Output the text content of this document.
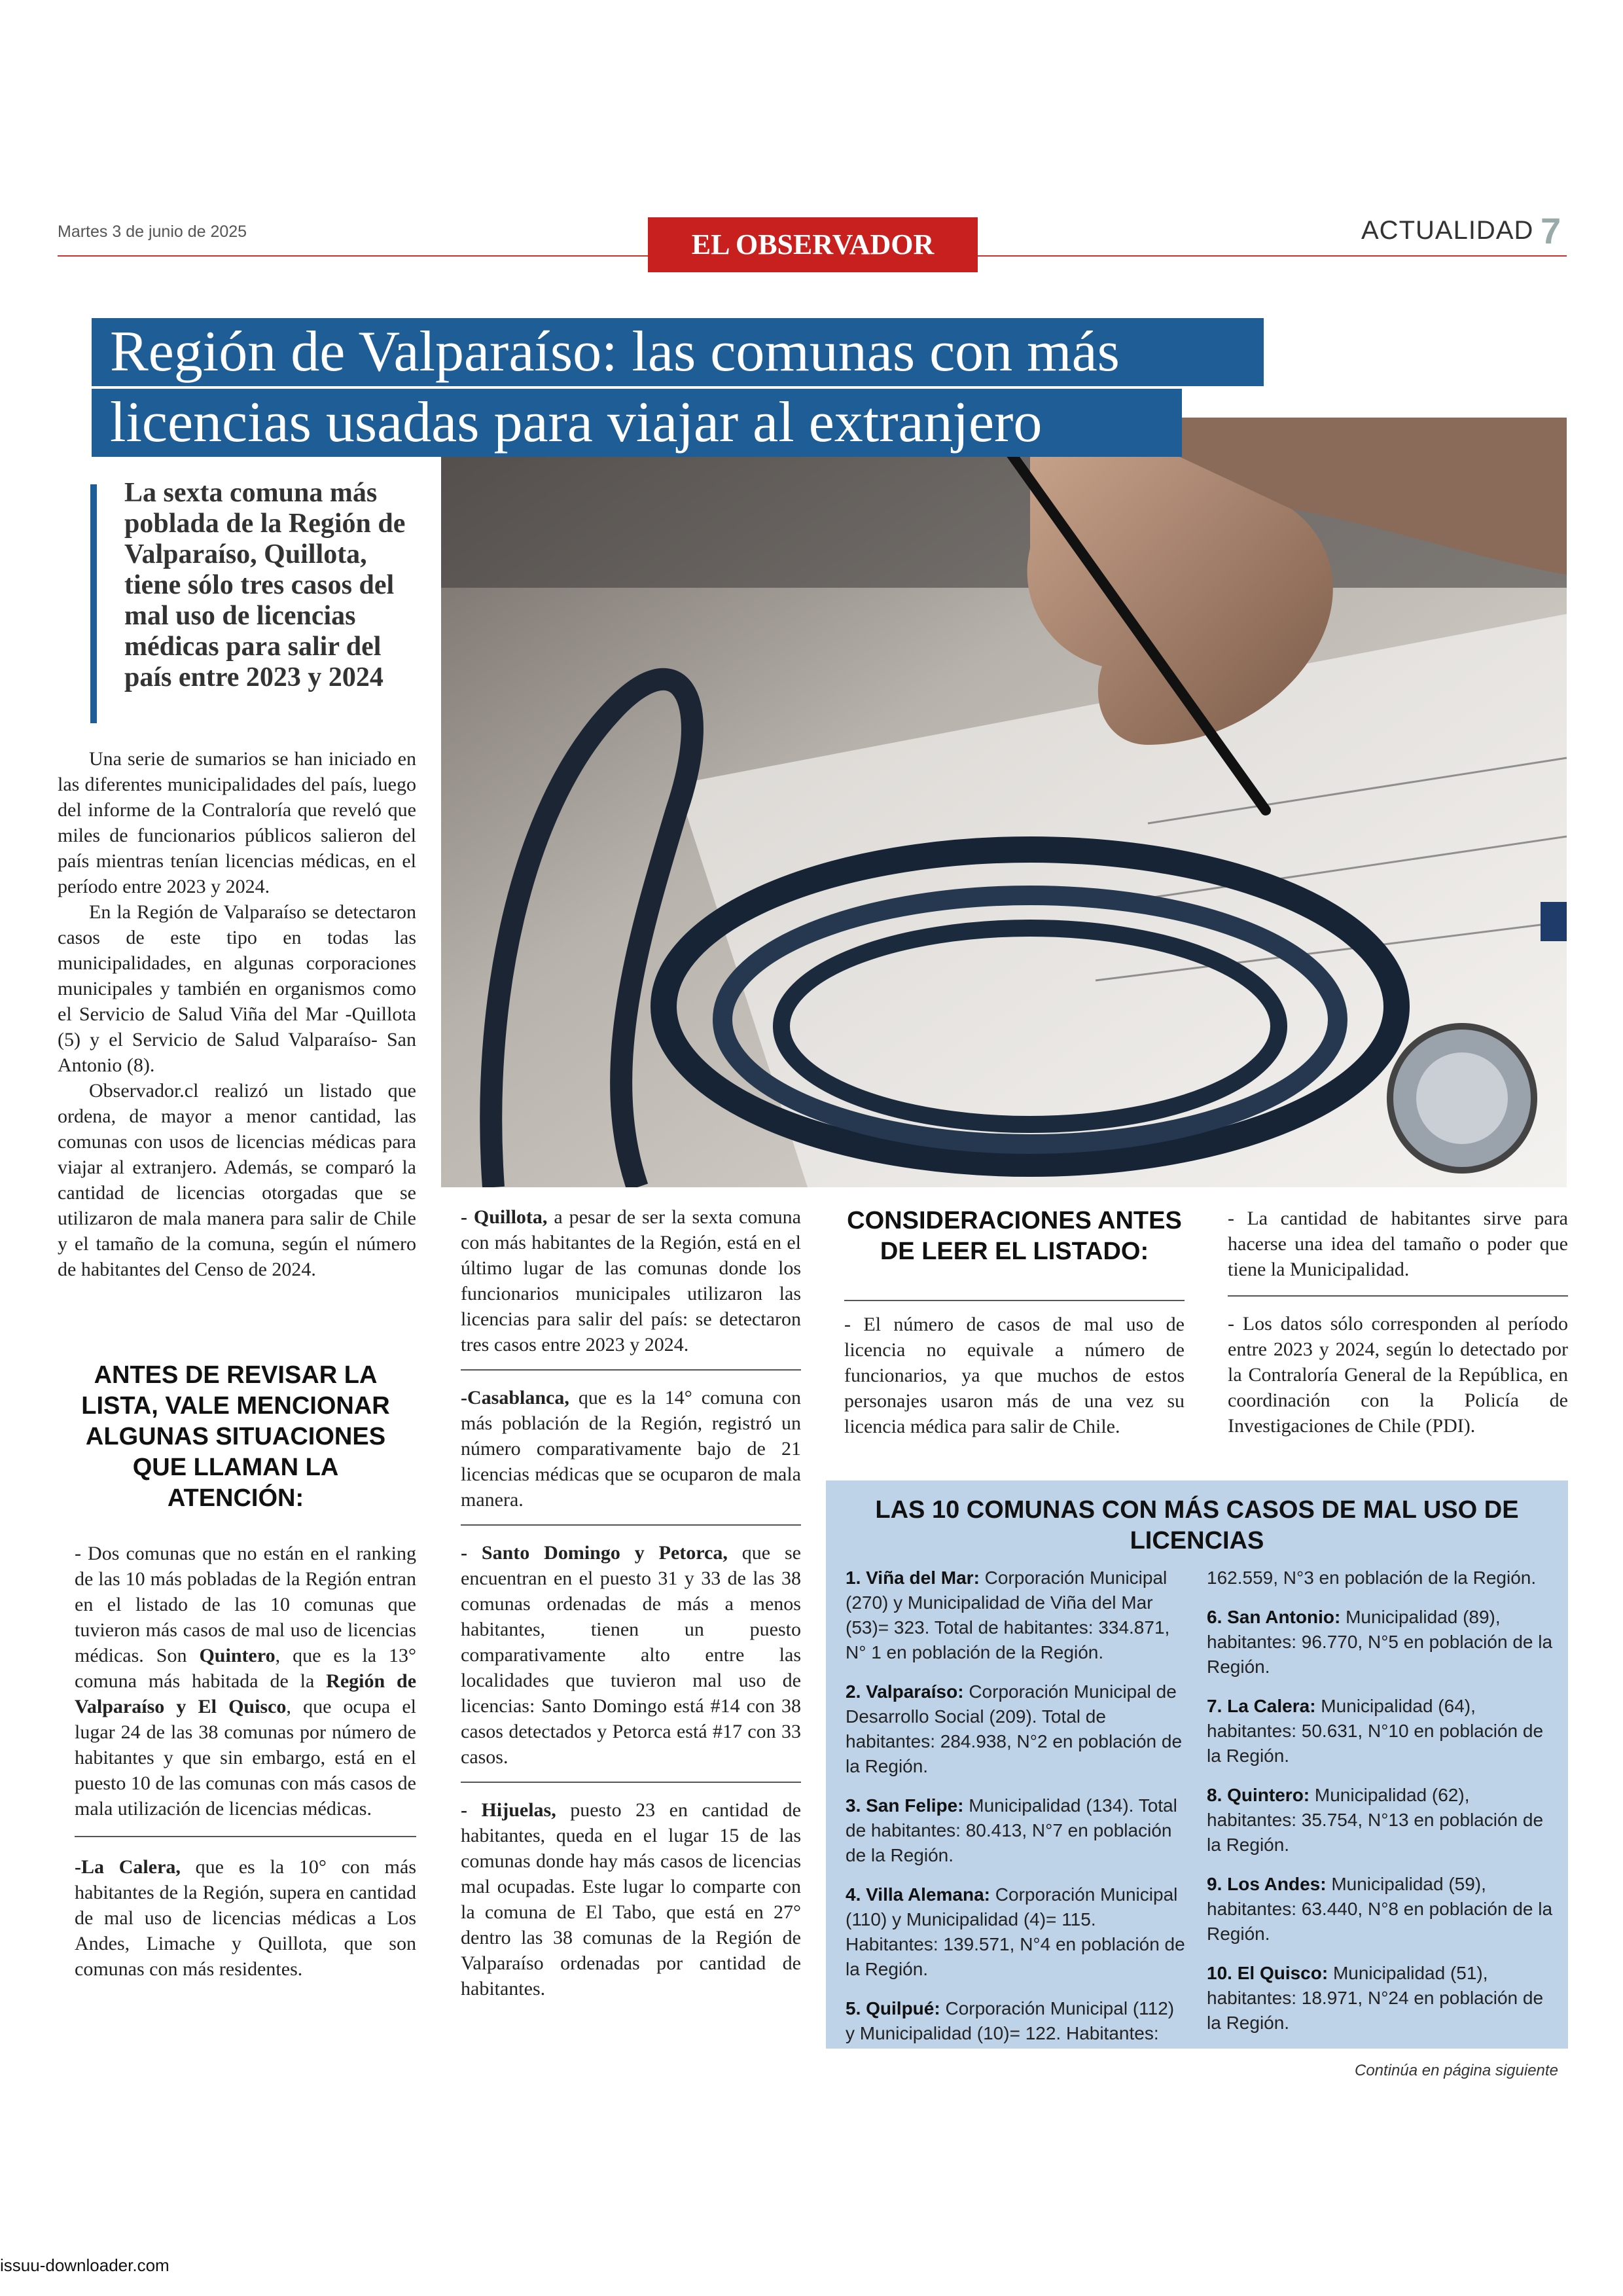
Martes 3 de junio de 2025	EL OBSERVADOR	ACTUALIDAD 7
Región de Valparaíso: las comunas con más
licencias usadas para viajar al extranjero
La sexta comuna más poblada de la Región de Valparaíso, Quillota, tiene sólo tres casos del mal uso de licencias médicas para salir del país entre 2023 y 2024

Una serie de sumarios se han iniciado en las diferentes municipalidades del país, luego del informe de la Contraloría que reveló que miles de funcionarios públicos salieron del país mientras tenían licencias médicas, en el período entre 2023 y 2024.

En la Región de Valparaíso se detectaron casos de este tipo en todas las municipalidades, en algunas corporaciones municipales y también en organismos como el Servicio de Salud Viña del Mar -Quillota (5) y el Servicio de Salud Valparaíso- San Antonio (8).

Observador.cl realizó un listado que ordena, de mayor a menor cantidad, las comunas con usos de licencias médicas para viajar al extranjero. Además, se comparó la cantidad de licencias otorgadas que se utilizaron de mala manera para salir de Chile y el tamaño de la comuna, según el número de habitantes del Censo de 2024.

ANTES DE REVISAR LA LISTA, VALE MENCIONAR ALGUNAS SITUACIONES QUE LLAMAN LA ATENCIÓN:

- Dos comunas que no están en el ranking de las 10 más pobladas de la Región entran en el listado de las 10 comunas que tuvieron más casos de mal uso de licencias médicas. Son Quintero, que es la 13° comuna más habitada de la Región de Valparaíso y El Quisco, que ocupa el lugar 24 de las 38 comunas por número de habitantes y que sin embargo, está en el puesto 10 de las comunas con más casos de mala utilización de licencias médicas.

-La Calera, que es la 10° con más habitantes de la Región, supera en cantidad de mal uso de licencias médicas a Los Andes, Limache y Quillota, que son comunas con más residentes.

- Quillota, a pesar de ser la sexta comuna con más habitantes de la Región, está en el último lugar de las comunas donde los funcionarios municipales utilizaron las licencias para salir del país: se detectaron tres casos entre 2023 y 2024.

-Casablanca, que es la 14° comuna con más población de la Región, registró un número comparativamente bajo de 21 licencias médicas que se ocuparon de mala manera.

- Santo Domingo y Petorca, que se encuentran en el puesto 31 y 33 de las 38 comunas ordenadas de más a menos habitantes, tienen un puesto comparativamente alto entre las localidades que tuvieron mal uso de licencias: Santo Domingo está #14 con 38 casos detectados y Petorca está #17 con 33 casos.

- Hijuelas, puesto 23 en cantidad de habitantes, queda en el lugar 15 de las comunas donde hay más casos de licencias mal ocupadas. Este lugar lo comparte con la comuna de El Tabo, que está en 27° dentro las 38 comunas de la Región de Valparaíso ordenadas por cantidad de habitantes.

CONSIDERACIONES ANTES DE LEER EL LISTADO:

- El número de casos de mal uso de licencia no equivale a número de funcionarios, ya que muchos de estos personajes usaron más de una vez su licencia médica para salir de Chile.

- La cantidad de habitantes sirve para hacerse una idea del tamaño o poder que tiene la Municipalidad.

- Los datos sólo corresponden al período entre 2023 y 2024, según lo detectado por la Contraloría General de la República, en coordinación con la Policía de Investigaciones de Chile (PDI).

LAS 10 COMUNAS CON MÁS CASOS DE MAL USO DE LICENCIAS

1. Viña del Mar: Corporación Municipal (270) y Municipalidad de Viña del Mar (53)= 323. Total de habitantes: 334.871, N° 1 en población de la Región.

2. Valparaíso: Corporación Municipal de Desarrollo Social (209). Total de habitantes: 284.938, N°2 en población de la Región.

3. San Felipe: Municipalidad (134). Total de habitantes: 80.413, N°7 en población de la Región.

4. Villa Alemana: Corporación Municipal (110) y Municipalidad (4)= 115. Habitantes: 139.571, N°4 en población de la Región.

5. Quilpué: Corporación Municipal (112) y Municipalidad (10)= 122. Habitantes:

162.559, N°3 en población de la Región.

6. San Antonio: Municipalidad (89), habitantes: 96.770, N°5 en población de la Región.

7. La Calera: Municipalidad (64), habitantes: 50.631, N°10 en población de la Región.

8. Quintero: Municipalidad (62), habitantes: 35.754, N°13 en población de la Región.

9. Los Andes: Municipalidad (59), habitantes: 63.440, N°8 en población de la Región.

10. El Quisco: Municipalidad (51), habitantes: 18.971, N°24 en población de la Región.

Continúa en página siguiente
issuu-downloader.com
